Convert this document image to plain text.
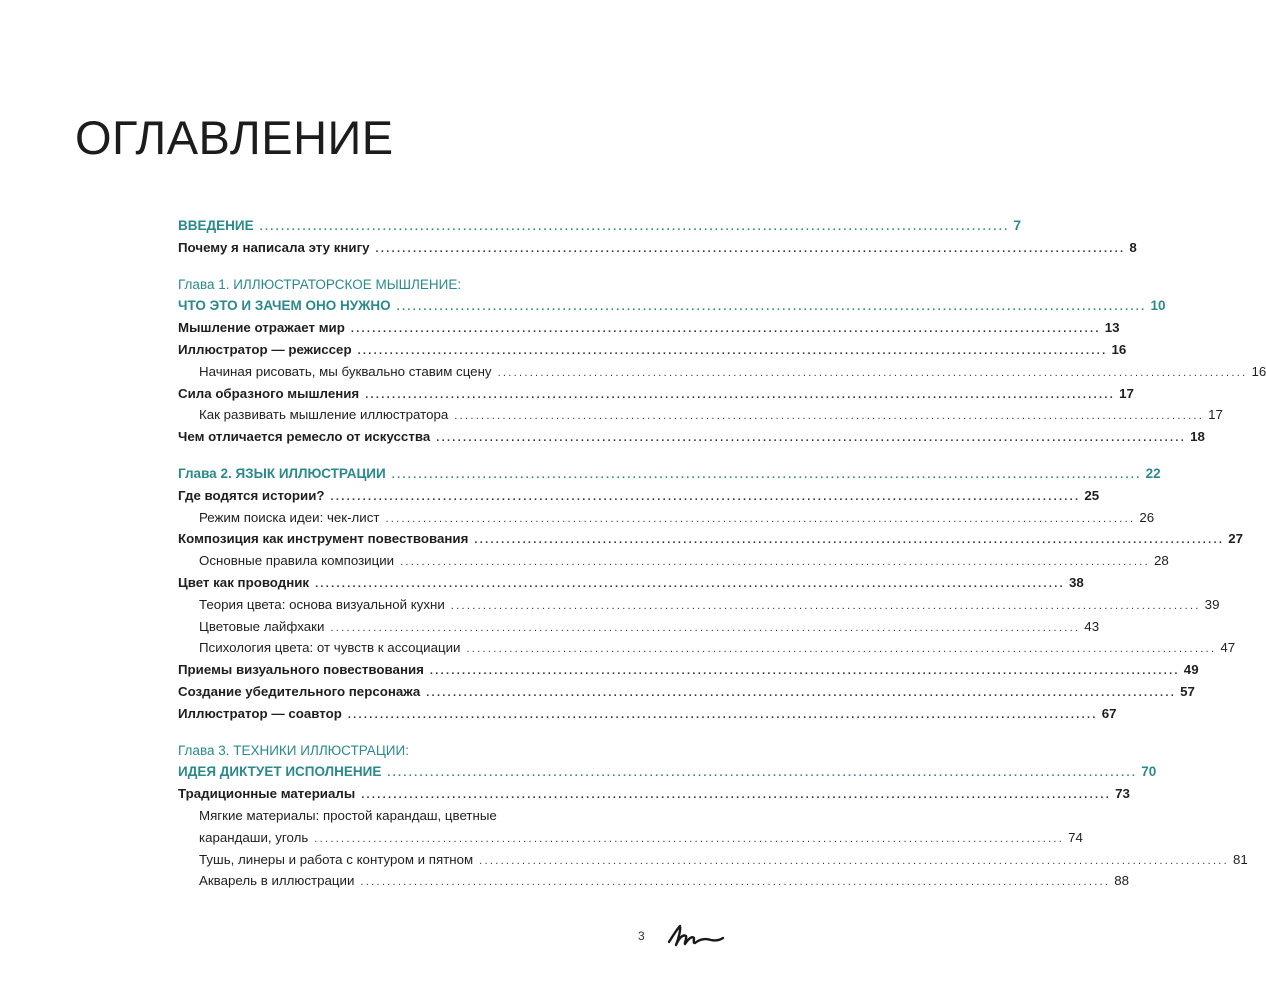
ОГЛАВЛЕНИЕ
ВВЕДЕНИЕ ............................................................................................................................................ 7
Почему я написала эту книгу ............................................................................................................................................ 8
Глава 1. ИЛЛЮСТРАТОРСКОЕ МЫШЛЕНИЕ:
ЧТО ЭТО И ЗАЧЕМ ОНО НУЖНО ............................................................................................................................................ 10
Мышление отражает мир ............................................................................................................................................ 13
Иллюстратор — режиссер ............................................................................................................................................ 16
Начиная рисовать, мы буквально ставим сцену ............................................................................................................................................ 16
Сила образного мышления ............................................................................................................................................ 17
Как развивать мышление иллюстратора ............................................................................................................................................ 17
Чем отличается ремесло от искусства ............................................................................................................................................ 18
Глава 2. ЯЗЫК ИЛЛЮСТРАЦИИ ............................................................................................................................................ 22
Где водятся истории? ............................................................................................................................................ 25
Режим поиска идеи: чек-лист ............................................................................................................................................ 26
Композиция как инструмент повествования ............................................................................................................................................ 27
Основные правила композиции ............................................................................................................................................ 28
Цвет как проводник ............................................................................................................................................ 38
Теория цвета: основа визуальной кухни ............................................................................................................................................ 39
Цветовые лайфхаки ............................................................................................................................................ 43
Психология цвета: от чувств к ассоциации ............................................................................................................................................ 47
Приемы визуального повествования ............................................................................................................................................ 49
Создание убедительного персонажа ............................................................................................................................................ 57
Иллюстратор — соавтор ............................................................................................................................................ 67
Глава 3. ТЕХНИКИ ИЛЛЮСТРАЦИИ:
ИДЕЯ ДИКТУЕТ ИСПОЛНЕНИЕ ............................................................................................................................................ 70
Традиционные материалы ............................................................................................................................................ 73
Мягкие материалы: простой карандаш, цветные
карандаши, уголь ............................................................................................................................................ 74
Тушь, линеры и работа с контуром и пятном ............................................................................................................................................ 81
Акварель в иллюстрации ............................................................................................................................................ 88
3
